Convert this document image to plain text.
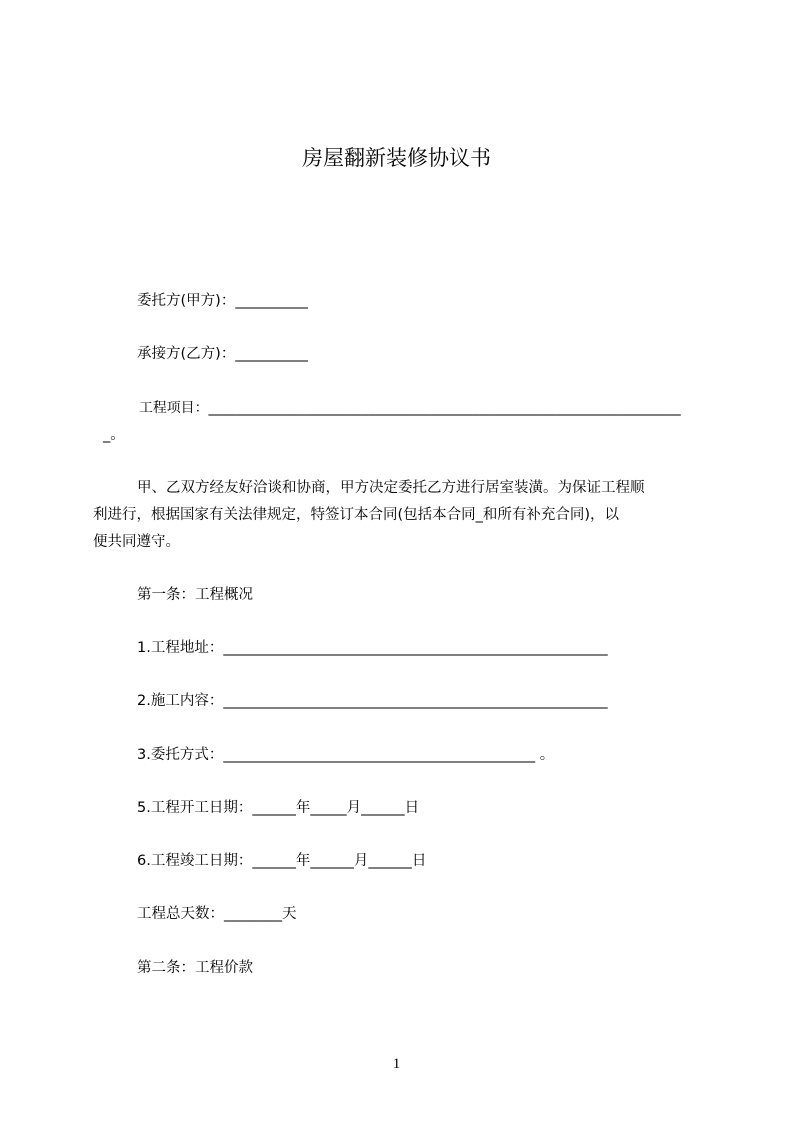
房屋翻新装修协议书
委托方(甲方)：__________
承接方(乙方)：__________
工程项目：____________________________________________________________________
_。
甲、乙双方经友好洽谈和协商，甲方决定委托乙方进行居室装潢。为保证工程顺
利进行，根据国家有关法律规定，特签订本合同(包括本合同_和所有补充合同)，以
便共同遵守。
第一条：工程概况
1.工程地址：_____________________________________________________
2.施工内容：_____________________________________________________
3.委托方式：___________________________________________ 。
5.工程开工日期：______年_____月______日
6.工程竣工日期：______年______月______日
工程总天数：________天
第二条：工程价款
1
